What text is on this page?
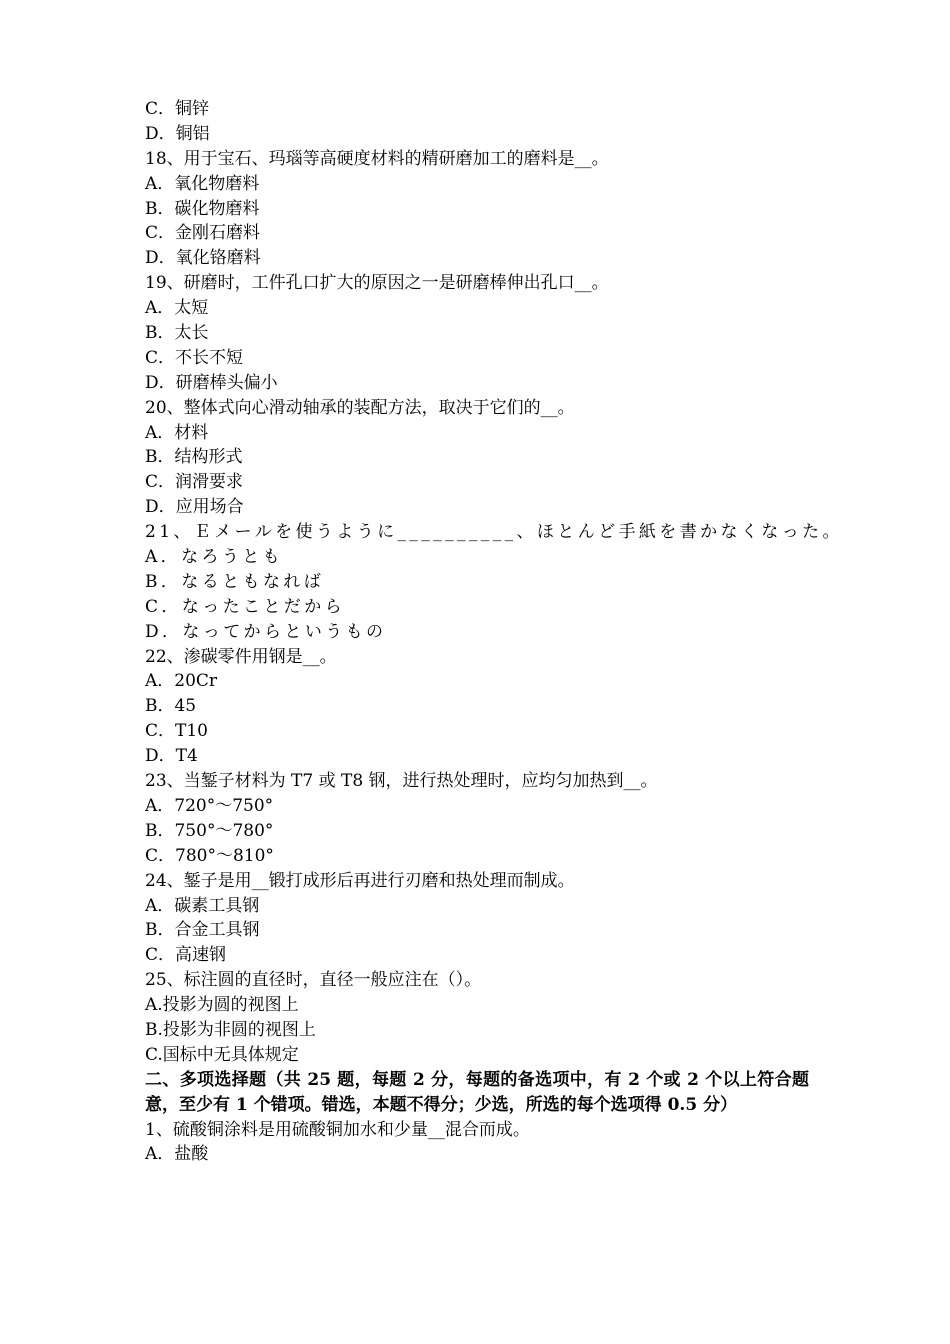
C．铜锌
D．铜铝
18、用于宝石、玛瑙等高硬度材料的精研磨加工的磨料是__。
A．氧化物磨料
B．碳化物磨料
C．金刚石磨料
D．氧化铬磨料
19、研磨时，工件孔口扩大的原因之一是研磨棒伸出孔口__。
A．太短
B．太长
C．不长不短
D．研磨棒头偏小
20、整体式向心滑动轴承的装配方法，取决于它们的__。
A．材料
B．结构形式
C．润滑要求
D．应用场合
21、Ｅメールを使うように__________、ほとんど手紙を書かなくなった。
A．なろうとも
B．なるともなれば
C．なったことだから
D．なってからというもの
22、渗碳零件用钢是__。
A．20Cr
B．45
C．T10
D．T4
23、当錾子材料为 T7 或 T8 钢，进行热处理时，应均匀加热到__。
A．720°～750°
B．750°～780°
C．780°～810°
24、錾子是用__锻打成形后再进行刃磨和热处理而制成。
A．碳素工具钢
B．合金工具钢
C．高速钢
25、标注圆的直径时，直径一般应注在（）。
A.投影为圆的视图上
B.投影为非圆的视图上
C.国标中无具体规定
二、多项选择题（共 25 题，每题 2 分，每题的备选项中，有 2 个或 2 个以上符合题意，至少有 1 个错项。错选，本题不得分；少选，所选的每个选项得 0.5 分）
1、硫酸铜涂料是用硫酸铜加水和少量__混合而成。
A．盐酸
